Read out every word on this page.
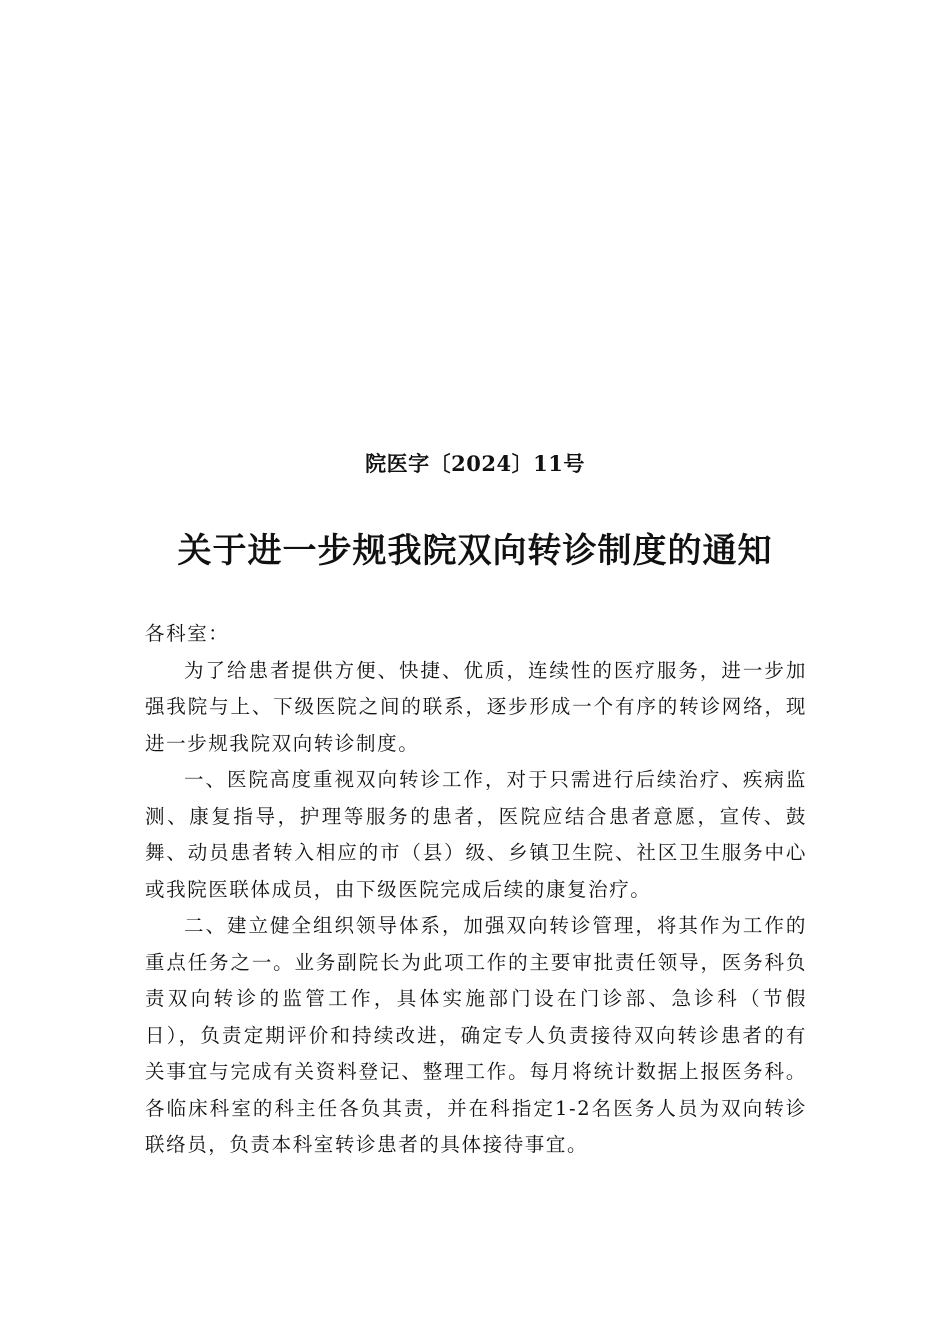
院医字〔2024〕11号
关于进一步规我院双向转诊制度的通知

各科室：

为了给患者提供方便、快捷、优质，连续性的医疗服务，进一步加强我院与上、下级医院之间的联系，逐步形成一个有序的转诊网络，现进一步规我院双向转诊制度。

一、医院高度重视双向转诊工作，对于只需进行后续治疗、疾病监测、康复指导，护理等服务的患者，医院应结合患者意愿，宣传、鼓舞、动员患者转入相应的市（县）级、乡镇卫生院、社区卫生服务中心或我院医联体成员，由下级医院完成后续的康复治疗。

二、建立健全组织领导体系，加强双向转诊管理，将其作为工作的重点任务之一。业务副院长为此项工作的主要审批责任领导，医务科负责双向转诊的监管工作，具体实施部门设在门诊部、急诊科（节假日），负责定期评价和持续改进，确定专人负责接待双向转诊患者的有关事宜与完成有关资料登记、整理工作。每月将统计数据上报医务科。各临床科室的科主任各负其责，并在科指定1-2名医务人员为双向转诊联络员，负责本科室转诊患者的具体接待事宜。
